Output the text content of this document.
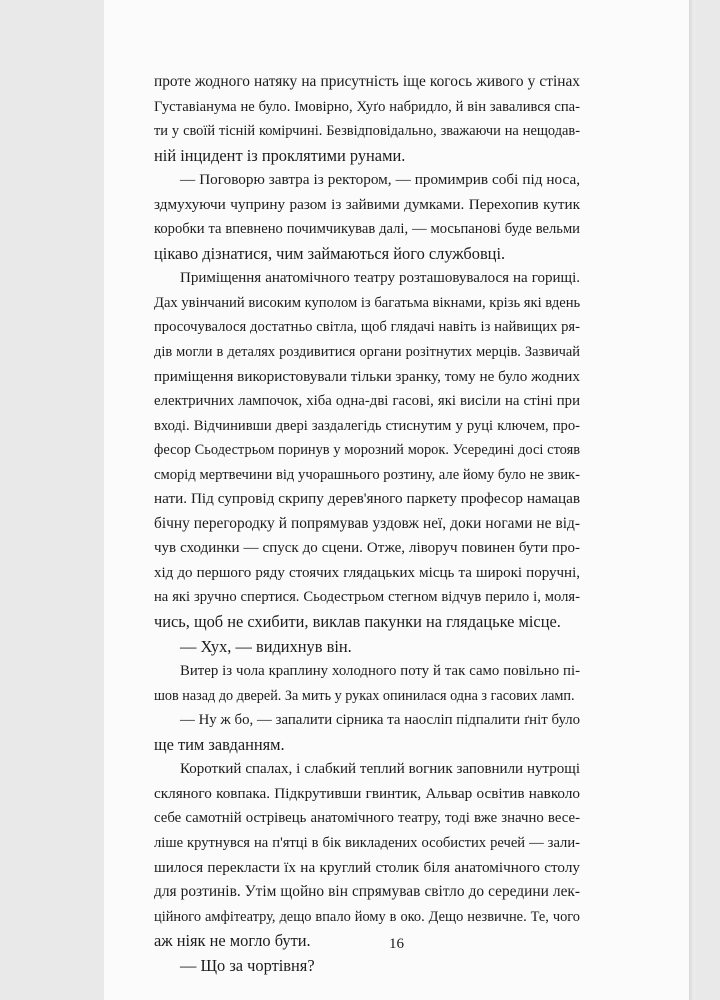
проте жодного натяку на присутність іще когось живого у стінах
Густавіанума не було. Імовірно, Хуґо набридло, й він завалився спа-
ти у своїй тісній комірчині. Безвідповідально, зважаючи на нещодав-
ній інцидент із проклятими рунами.
— Поговорю завтра із ректором, — промимрив собі під носа,
здмухуючи чуприну разом із зайвими думками. Перехопив кутик
коробки та впевнено почимчикував далі, — мосьпанові буде вельми
цікаво дізнатися, чим займаються його службовці.
Приміщення анатомічного театру розташовувалося на горищі.
Дах увінчаний високим куполом із багатьма вікнами, крізь які вдень
просочувалося достатньо світла, щоб глядачі навіть із найвищих ря-
дів могли в деталях роздивитися органи розітнутих мерців. Зазвичай
приміщення використовували тільки зранку, тому не було жодних
електричних лампочок, хіба одна-дві гасові, які висіли на стіні при
вході. Відчинивши двері заздалегідь стиснутим у руці ключем, про-
фесор Сьодестрьом поринув у морозний морок. Усередині досі стояв
сморід мертвечини від учорашнього розтину, але йому було не звик-
нати. Під супровід скрипу дерев'яного паркету професор намацав
бічну перегородку й попрямував уздовж неї, доки ногами не від-
чув сходинки — спуск до сцени. Отже, ліворуч повинен бути про-
хід до першого ряду стоячих глядацьких місць та широкі поручні,
на які зручно спертися. Сьодестрьом стегном відчув перило і, моля-
чись, щоб не схибити, виклав пакунки на глядацьке місце.
— Хух, — видихнув він.
Витер із чола краплину холодного поту й так само повільно пі-
шов назад до дверей. За мить у руках опинилася одна з гасових ламп.
— Ну ж бо, — запалити сірника та наосліп підпалити ґніт було
ще тим завданням.
Короткий спалах, і слабкий теплий вогник заповнили нутрощі
скляного ковпака. Підкрутивши гвинтик, Альвар освітив навколо
себе самотній острівець анатомічного театру, тоді вже значно весе-
ліше крутнувся на п'ятці в бік викладених особистих речей — зали-
шилося перекласти їх на круглий столик біля анатомічного столу
для розтинів. Утім щойно він спрямував світло до середини лек-
ційного амфітеатру, дещо впало йому в око. Дещо незвичне. Те, чого
аж ніяк не могло бути.
— Що за чортівня?
16
